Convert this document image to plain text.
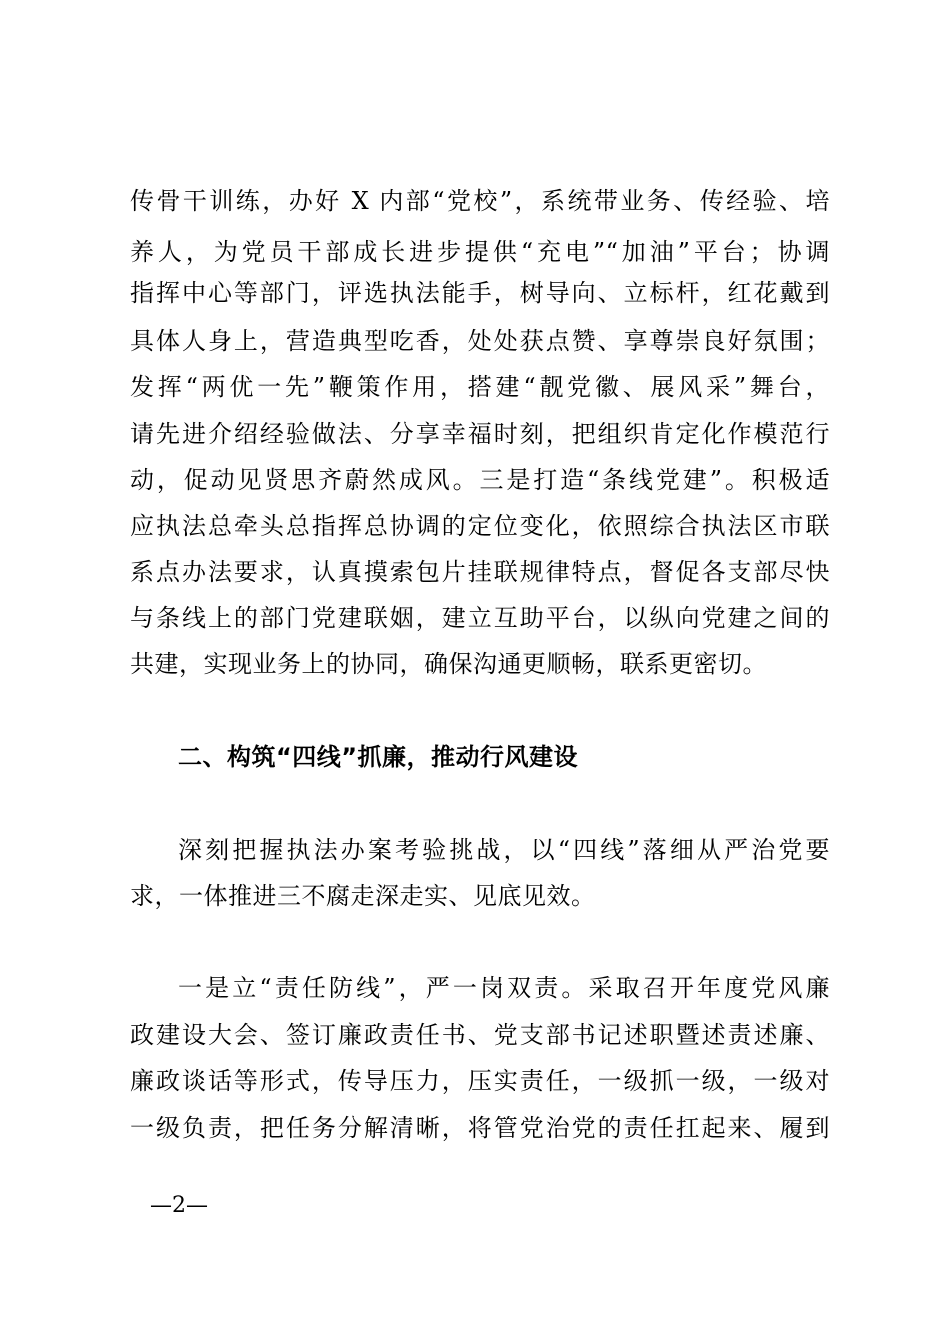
传骨干训练，办好 X 内部“党校”，系统带业务、传经验、培
养人，为党员干部成长进步提供“充电”“加油”平台；协调
指挥中心等部门，评选执法能手，树导向、立标杆，红花戴到
具体人身上，营造典型吃香，处处获点赞、享尊崇良好氛围；
发挥“两优一先”鞭策作用，搭建“靓党徽、展风采”舞台，
请先进介绍经验做法、分享幸福时刻，把组织肯定化作模范行
动，促动见贤思齐蔚然成风。三是打造“条线党建”。积极适
应执法总牵头总指挥总协调的定位变化，依照综合执法区市联
系点办法要求，认真摸索包片挂联规律特点，督促各支部尽快
与条线上的部门党建联姻，建立互助平台，以纵向党建之间的
共建，实现业务上的协同，确保沟通更顺畅，联系更密切。
二、构筑“四线”抓廉，推动行风建设
深刻把握执法办案考验挑战，以“四线”落细从严治党要
求，一体推进三不腐走深走实、见底见效。
一是立“责任防线”，严一岗双责。采取召开年度党风廉
政建设大会、签订廉政责任书、党支部书记述职暨述责述廉、
廉政谈话等形式，传导压力，压实责任，一级抓一级，一级对
一级负责，把任务分解清晰，将管党治党的责任扛起来、履到
—2—
